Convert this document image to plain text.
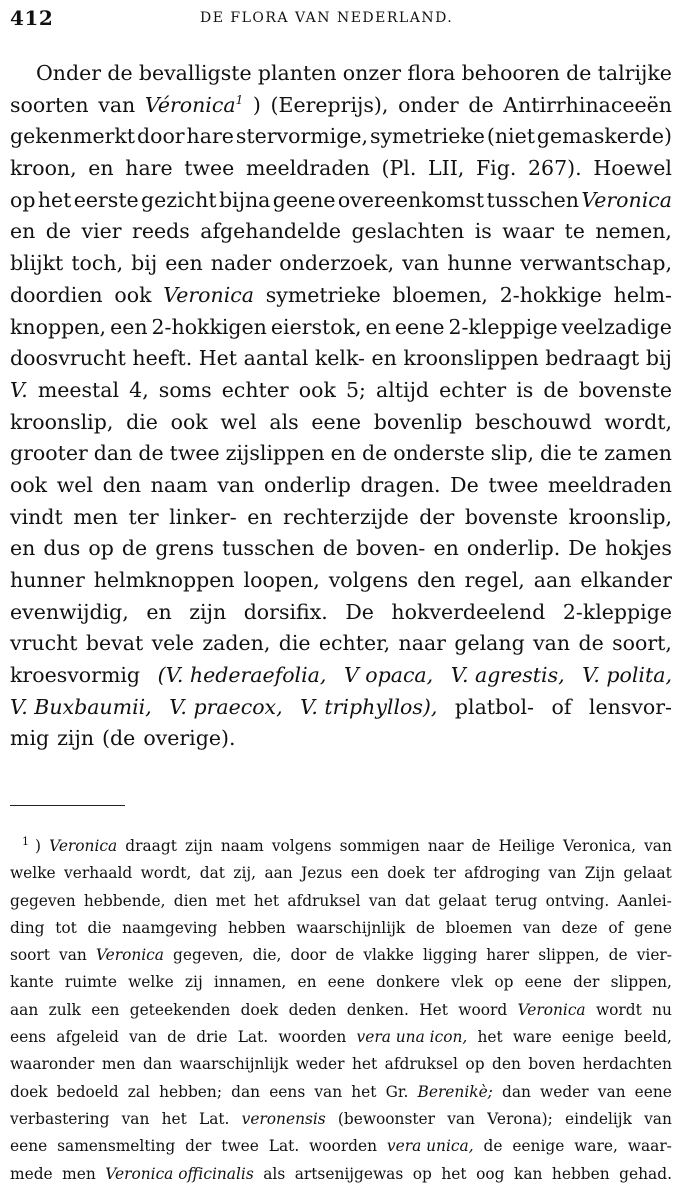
412	DE FLORA VAN NEDERLAND.
Onder de bevalligste planten onzer flora behooren de talrijke
soorten van Véronica$^1$ ) (Eereprijs), onder de Antirrhinaceeën
gekenmerkt door hare stervormige, symetrieke (niet gemaskerde)
kroon, en hare twee meeldraden (Pl. LII, Fig. 267). Hoewel
op het eerste gezicht bijna geene overeenkomst tusschen Veronica
en de vier reeds afgehandelde geslachten is waar te nemen,
blijkt toch, bij een nader onderzoek, van hunne verwantschap,
doordien ook Veronica symetrieke bloemen, 2-hokkige helm-
knoppen, een 2-hokkigen eierstok, en eene 2-kleppige veelzadige
doosvrucht heeft. Het aantal kelk- en kroonslippen bedraagt bij
V. meestal 4, soms echter ook 5; altijd echter is de bovenste
kroonslip, die ook wel als eene bovenlip beschouwd wordt,
grooter dan de twee zijslippen en de onderste slip, die te zamen
ook wel den naam van onderlip dragen. De twee meeldraden
vindt men ter linker- en rechterzijde der bovenste kroonslip,
en dus op de grens tusschen de boven- en onderlip. De hokjes
hunner helmknoppen loopen, volgens den regel, aan elkander
evenwijdig, en zijn dorsifix. De hokverdeelend 2-kleppige
vrucht bevat vele zaden, die echter, naar gelang van de soort,
kroesvormig (V. hederaefolia, V opaca, V. agrestis, V. polita,
V. Buxbaumii, V. praecox, V. triphyllos), platbol- of lensvor-
mig zijn (de overige).
$^1$ ) Veronica draagt zijn naam volgens sommigen naar de Heilige Veronica, van
welke verhaald wordt, dat zij, aan Jezus een doek ter afdroging van Zijn gelaat
gegeven hebbende, dien met het afdruksel van dat gelaat terug ontving. Aanlei-
ding tot die naamgeving hebben waarschijnlijk de bloemen van deze of gene
soort van Veronica gegeven, die, door de vlakke ligging harer slippen, de vier-
kante ruimte welke zij innamen, en eene donkere vlek op eene der slippen,
aan zulk een geteekenden doek deden denken. Het woord Veronica wordt nu
eens afgeleid van de drie Lat. woorden vera una icon, het ware eenige beeld,
waaronder men dan waarschijnlijk weder het afdruksel op den boven herdachten
doek bedoeld zal hebben; dan eens van het Gr. Berenikè; dan weder van eene
verbastering van het Lat. veronensis (bewoonster van Verona); eindelijk van
eene samensmelting der twee Lat. woorden vera unica, de eenige ware, waar-
mede men Veronica officinalis als artsenijgewas op het oog kan hebben gehad.
